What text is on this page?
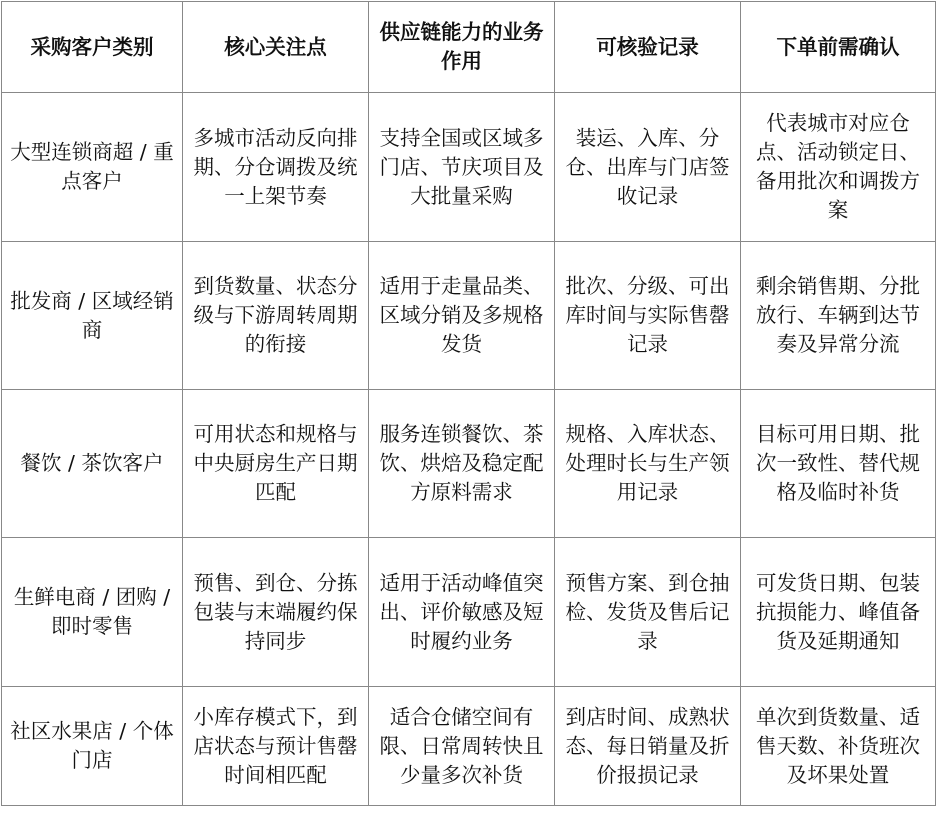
采购客户类别	核心关注点	供应链能力的业务作用	可核验记录	下单前需确认
大型连锁商超 / 重点客户	多城市活动反向排期、分仓调拨及统一上架节奏	支持全国或区域多门店、节庆项目及大批量采购	装运、入库、分仓、出库与门店签收记录	代表城市对应仓点、活动锁定日、备用批次和调拨方案
批发商 / 区域经销商	到货数量、状态分级与下游周转周期的衔接	适用于走量品类、区域分销及多规格发货	批次、分级、可出库时间与实际售罄记录	剩余销售期、分批放行、车辆到达节奏及异常分流
餐饮 / 茶饮客户	可用状态和规格与中央厨房生产日期匹配	服务连锁餐饮、茶饮、烘焙及稳定配方原料需求	规格、入库状态、处理时长与生产领用记录	目标可用日期、批次一致性、替代规格及临时补货
生鲜电商 / 团购 / 即时零售	预售、到仓、分拣包装与末端履约保持同步	适用于活动峰值突出、评价敏感及短时履约业务	预售方案、到仓抽检、发货及售后记录	可发货日期、包装抗损能力、峰值备货及延期通知
社区水果店 / 个体门店	小库存模式下，到店状态与预计售罄时间相匹配	适合仓储空间有限、日常周转快且少量多次补货	到店时间、成熟状态、每日销量及折价报损记录	单次到货数量、适售天数、补货班次及坏果处置
